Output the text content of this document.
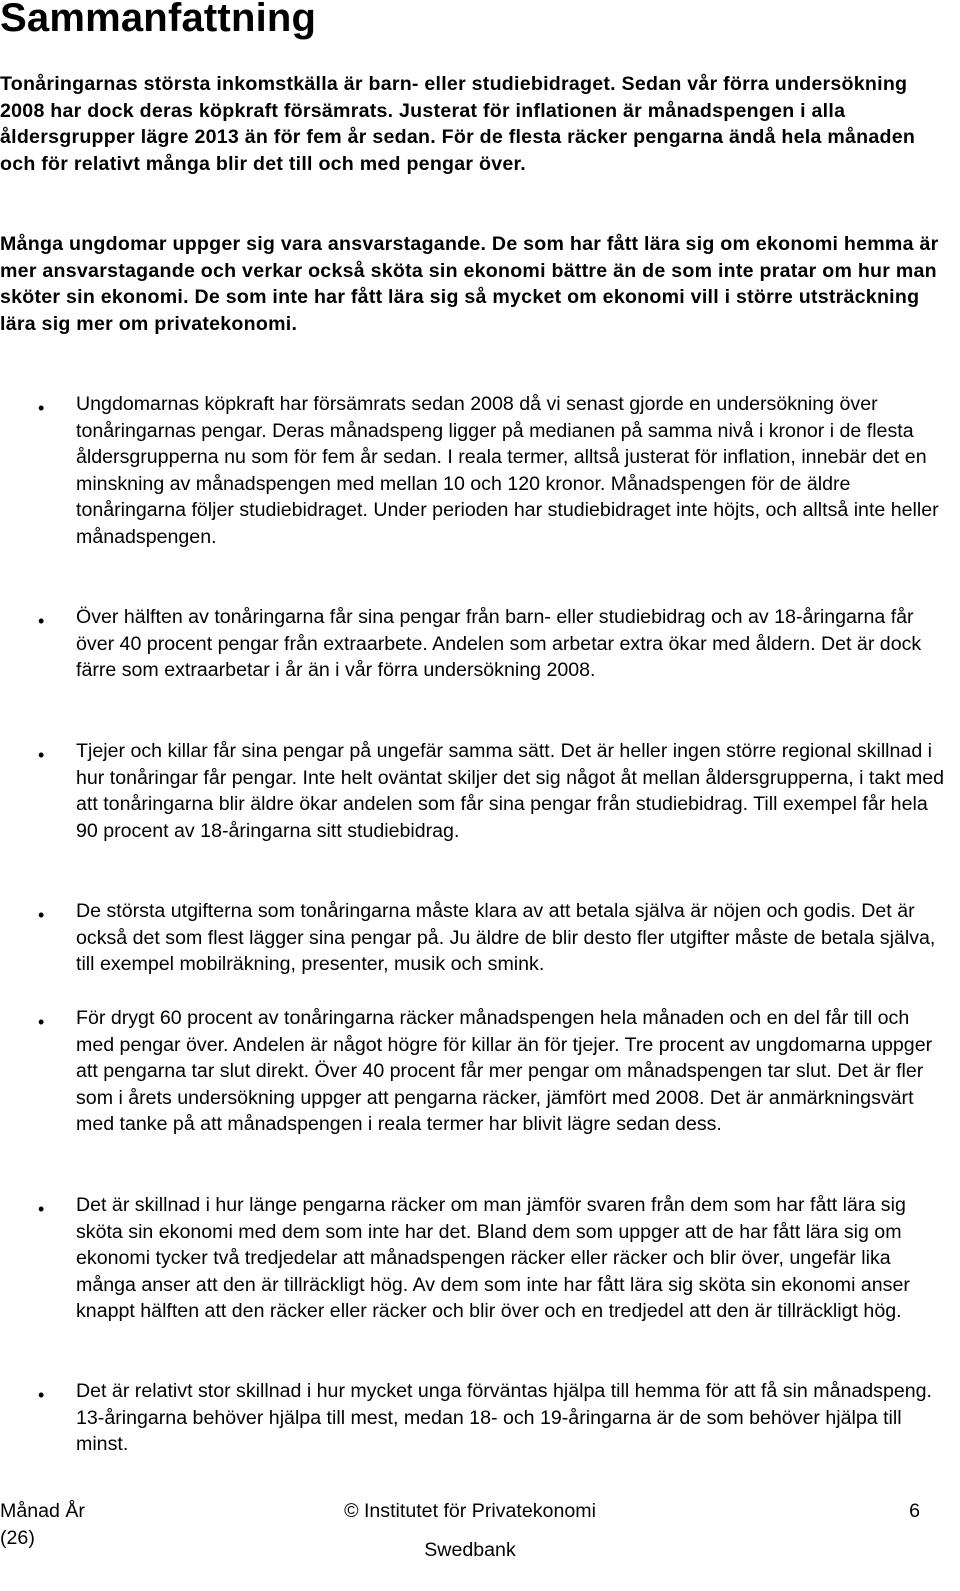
Sammanfattning

Tonåringarnas största inkomstkälla är barn- eller studiebidraget. Sedan vår förra undersökning 2008 har dock deras köpkraft försämrats. Justerat för inflationen är månadspengen i alla åldersgrupper lägre 2013 än för fem år sedan. För de flesta räcker pengarna ändå hela månaden och för relativt många blir det till och med pengar över.

Många ungdomar uppger sig vara ansvarstagande. De som har fått lära sig om ekonomi hemma är mer ansvarstagande och verkar också sköta sin ekonomi bättre än de som inte pratar om hur man sköter sin ekonomi. De som inte har fått lära sig så mycket om ekonomi vill i större utsträckning lära sig mer om privatekonomi.

• Ungdomarnas köpkraft har försämrats sedan 2008 då vi senast gjorde en undersökning över tonåringarnas pengar. Deras månadspeng ligger på medianen på samma nivå i kronor i de flesta åldersgrupperna nu som för fem år sedan. I reala termer, alltså justerat för inflation, innebär det en minskning av månadspengen med mellan 10 och 120 kronor. Månadspengen för de äldre tonåringarna följer studiebidraget. Under perioden har studiebidraget inte höjts, och alltså inte heller månadspengen.

• Över hälften av tonåringarna får sina pengar från barn- eller studiebidrag och av 18-åringarna får över 40 procent pengar från extraarbete. Andelen som arbetar extra ökar med åldern. Det är dock färre som extraarbetar i år än i vår förra undersökning 2008.

• Tjejer och killar får sina pengar på ungefär samma sätt. Det är heller ingen större regional skillnad i hur tonåringar får pengar. Inte helt oväntat skiljer det sig något åt mellan åldersgrupperna, i takt med att tonåringarna blir äldre ökar andelen som får sina pengar från studiebidrag. Till exempel får hela 90 procent av 18-åringarna sitt studiebidrag.

• De största utgifterna som tonåringarna måste klara av att betala själva är nöjen och godis. Det är också det som flest lägger sina pengar på. Ju äldre de blir desto fler utgifter måste de betala själva, till exempel mobilräkning, presenter, musik och smink.

• För drygt 60 procent av tonåringarna räcker månadspengen hela månaden och en del får till och med pengar över. Andelen är något högre för killar än för tjejer. Tre procent av ungdomarna uppger att pengarna tar slut direkt. Över 40 procent får mer pengar om månadspengen tar slut. Det är fler som i årets undersökning uppger att pengarna räcker, jämfört med 2008. Det är anmärkningsvärt med tanke på att månadspengen i reala termer har blivit lägre sedan dess.

• Det är skillnad i hur länge pengarna räcker om man jämför svaren från dem som har fått lära sig sköta sin ekonomi med dem som inte har det. Bland dem som uppger att de har fått lära sig om ekonomi tycker två tredjedelar att månadspengen räcker eller räcker och blir över, ungefär lika många anser att den är tillräckligt hög. Av dem som inte har fått lära sig sköta sin ekonomi anser knappt hälften att den räcker eller räcker och blir över och en tredjedel att den är tillräckligt hög.

• Det är relativt stor skillnad i hur mycket unga förväntas hjälpa till hemma för att få sin månadspeng. 13-åringarna behöver hjälpa till mest, medan 18- och 19-åringarna är de som behöver hjälpa till minst.

Månad År
(26)

© Institutet för Privatekonomi
Swedbank

6
